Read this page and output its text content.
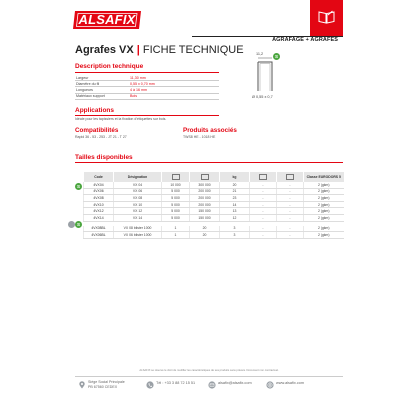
ALSAFIX
AGRAFAGE + AGRAFES
Agrafes VX | FICHE TECHNIQUE
Description technique
Largeur	11,30 mm
Diamètre du fil	0,55 x 0,70 mm
Longueurs	4 à 16 mm
Matériaux support	Bois
Applications
Idéale pour les tapissiers et la fixation d'étiquettes sur bois.
Compatibilités
Rapid 36 - 53 - 253 - JT 21 - T 27
Produits associés
TWS8 HE - 1018 HE
11,2	S
Ø 0,55 x 0,7
Tailles disponibles
Code	Désignation			kg			Classe EURODORS 5
4VX04	VX 04	10 000	300 000	20	-	-	2 (gkm)
4VX06	VX 06	5 000	200 000	21	-	-	2 (gkm)
4VX08	VX 08	5 000	200 000	23	-	-	2 (gkm)
4VX10	VX 10	5 000	200 000	14	-	-	2 (gkm)
4VX12	VX 12	5 000	150 000	13	-	-	2 (gkm)
4VX14	VX 14	5 000	150 000	12	-	-	2 (gkm)

4VX08BL	VX 08 blister 1000	1	20	3	-	-	2 (gkm)
4VX06BL	VX 06 blister 1000	1	20	3	-	-	2 (gkm)
S
S
ALSAFIX se réserve le droit de modifier les caractéristiques de ses produits sans préavis. Document non contractuel.
Siège Social Principale
PB 67560 CEDEX
Tél : +33 3 88 72 15 51	alsafix@alsafix.com	www.alsafix.com
